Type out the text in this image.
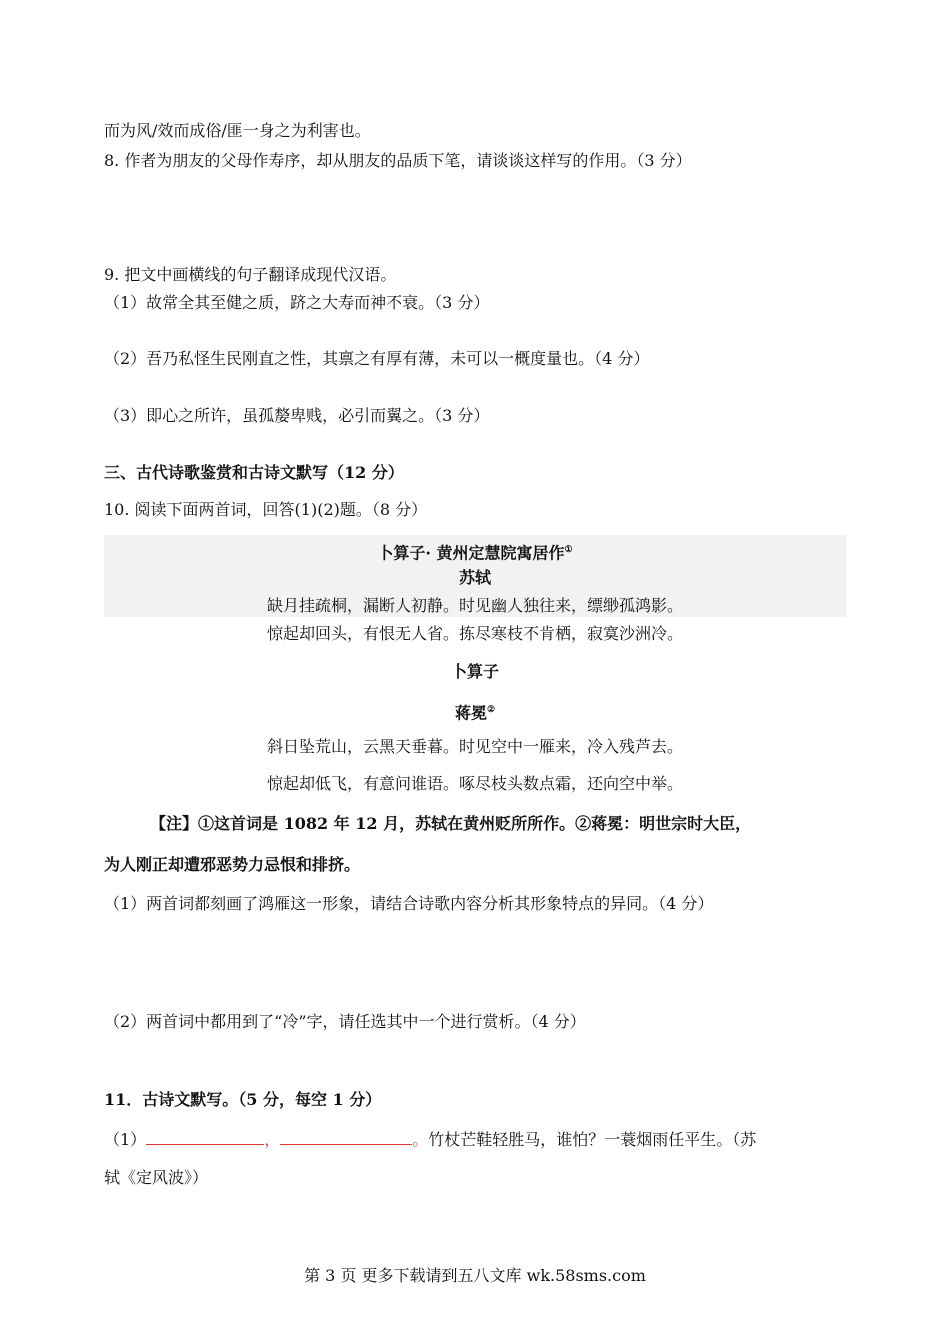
而为风/效而成俗/匪一身之为利害也。
8. 作者为朋友的父母作寿序，却从朋友的品质下笔，请谈谈这样写的作用。（3 分）
9. 把文中画横线的句子翻译成现代汉语。
（1）故常全其至健之质，跻之大寿而神不衰。（3 分）
（2）吾乃私怪生民刚直之性，其禀之有厚有薄，未可以一概度量也。（4 分）
（3）即心之所许，虽孤嫠卑贱，必引而翼之。（3 分）
三、古代诗歌鉴赏和古诗文默写（12 分）
10. 阅读下面两首词，回答(1)(2)题。（8 分）
卜算子· 黄州定慧院寓居作①
苏轼
缺月挂疏桐，漏断人初静。时见幽人独往来，缥缈孤鸿影。
惊起却回头，有恨无人省。拣尽寒枝不肯栖，寂寞沙洲冷。
卜算子
蒋冕②
斜日坠荒山，云黑天垂暮。时见空中一雁来，冷入残芦去。
惊起却低飞，有意问谁语。啄尽枝头数点霜，还向空中举。
【注】①这首词是 1082 年 12 月，苏轼在黄州贬所所作。②蒋冕：明世宗时大臣，
为人刚正却遭邪恶势力忌恨和排挤。
（1）两首词都刻画了鸿雁这一形象，请结合诗歌内容分析其形象特点的异同。（4 分）
（2）两首词中都用到了“冷”字，请任选其中一个进行赏析。（4 分）
11．古诗文默写。（5 分，每空 1 分）
（1）	，	。竹杖芒鞋轻胜马，谁怕？一蓑烟雨任平生。（苏
轼《定风波》）
第 3 页 更多下载请到五八文库 wk.58sms.com
